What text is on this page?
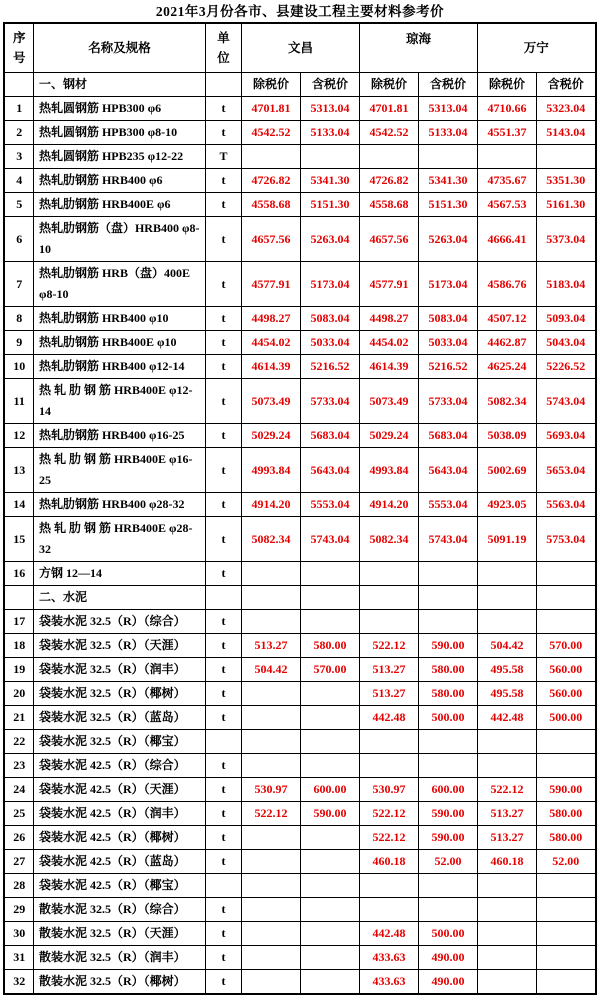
2021年3月份各市、县建设工程主要材料参考价
序号	名称及规格	单位	文昌		琼海		万宁	
	一、钢材		除税价	含税价	除税价	含税价	除税价	含税价
1	热轧圆钢筋 HPB300 φ6	t	4701.81	5313.04	4701.81	5313.04	4710.66	5323.04
2	热轧圆钢筋 HPB300 φ8-10	t	4542.52	5133.04	4542.52	5133.04	4551.37	5143.04
3	热轧圆钢筋 HPB235 φ12-22	T						
4	热轧肋钢筋 HRB400 φ6	t	4726.82	5341.30	4726.82	5341.30	4735.67	5351.30
5	热轧肋钢筋 HRB400E φ6	t	4558.68	5151.30	4558.68	5151.30	4567.53	5161.30
6	热轧肋钢筋（盘）HRB400 φ8-10	t	4657.56	5263.04	4657.56	5263.04	4666.41	5373.04
7	热轧肋钢筋 HRB（盘）400E φ8-10	t	4577.91	5173.04	4577.91	5173.04	4586.76	5183.04
8	热轧肋钢筋 HRB400 φ10	t	4498.27	5083.04	4498.27	5083.04	4507.12	5093.04
9	热轧肋钢筋 HRB400E φ10	t	4454.02	5033.04	4454.02	5033.04	4462.87	5043.04
10	热轧肋钢筋 HRB400 φ12-14	t	4614.39	5216.52	4614.39	5216.52	4625.24	5226.52
11	热 轧 肋 钢 筋 HRB400E φ12-14	t	5073.49	5733.04	5073.49	5733.04	5082.34	5743.04
12	热轧肋钢筋 HRB400 φ16-25	t	5029.24	5683.04	5029.24	5683.04	5038.09	5693.04
13	热 轧 肋 钢 筋 HRB400E φ16-25	t	4993.84	5643.04	4993.84	5643.04	5002.69	5653.04
14	热轧肋钢筋 HRB400 φ28-32	t	4914.20	5553.04	4914.20	5553.04	4923.05	5563.04
15	热 轧 肋 钢 筋 HRB400E φ28-32	t	5082.34	5743.04	5082.34	5743.04	5091.19	5753.04
16	方钢 12—14	t						
	二、水泥							
17	袋装水泥 32.5（R）（综合）	t						
18	袋装水泥 32.5（R）（天涯）	t	513.27	580.00	522.12	590.00	504.42	570.00
19	袋装水泥 32.5（R）（润丰）	t	504.42	570.00	513.27	580.00	495.58	560.00
20	袋装水泥 32.5（R）（椰树）	t			513.27	580.00	495.58	560.00
21	袋装水泥 32.5（R）（蓝岛）	t			442.48	500.00	442.48	500.00
22	袋装水泥 32.5（R）（椰宝）							
23	袋装水泥 42.5（R）（综合）	t						
24	袋装水泥 42.5（R）（天涯）	t	530.97	600.00	530.97	600.00	522.12	590.00
25	袋装水泥 42.5（R）（润丰）	t	522.12	590.00	522.12	590.00	513.27	580.00
26	袋装水泥 42.5（R）（椰树）	t			522.12	590.00	513.27	580.00
27	袋装水泥 42.5（R）（蓝岛）	t			460.18	52.00	460.18	52.00
28	袋装水泥 42.5（R）（椰宝）							
29	散装水泥 32.5（R）（综合）	t						
30	散装水泥 32.5（R）（天涯）	t			442.48	500.00		
31	散装水泥 32.5（R）（润丰）	t			433.63	490.00		
32	散装水泥 32.5（R）（椰树）	t			433.63	490.00		
